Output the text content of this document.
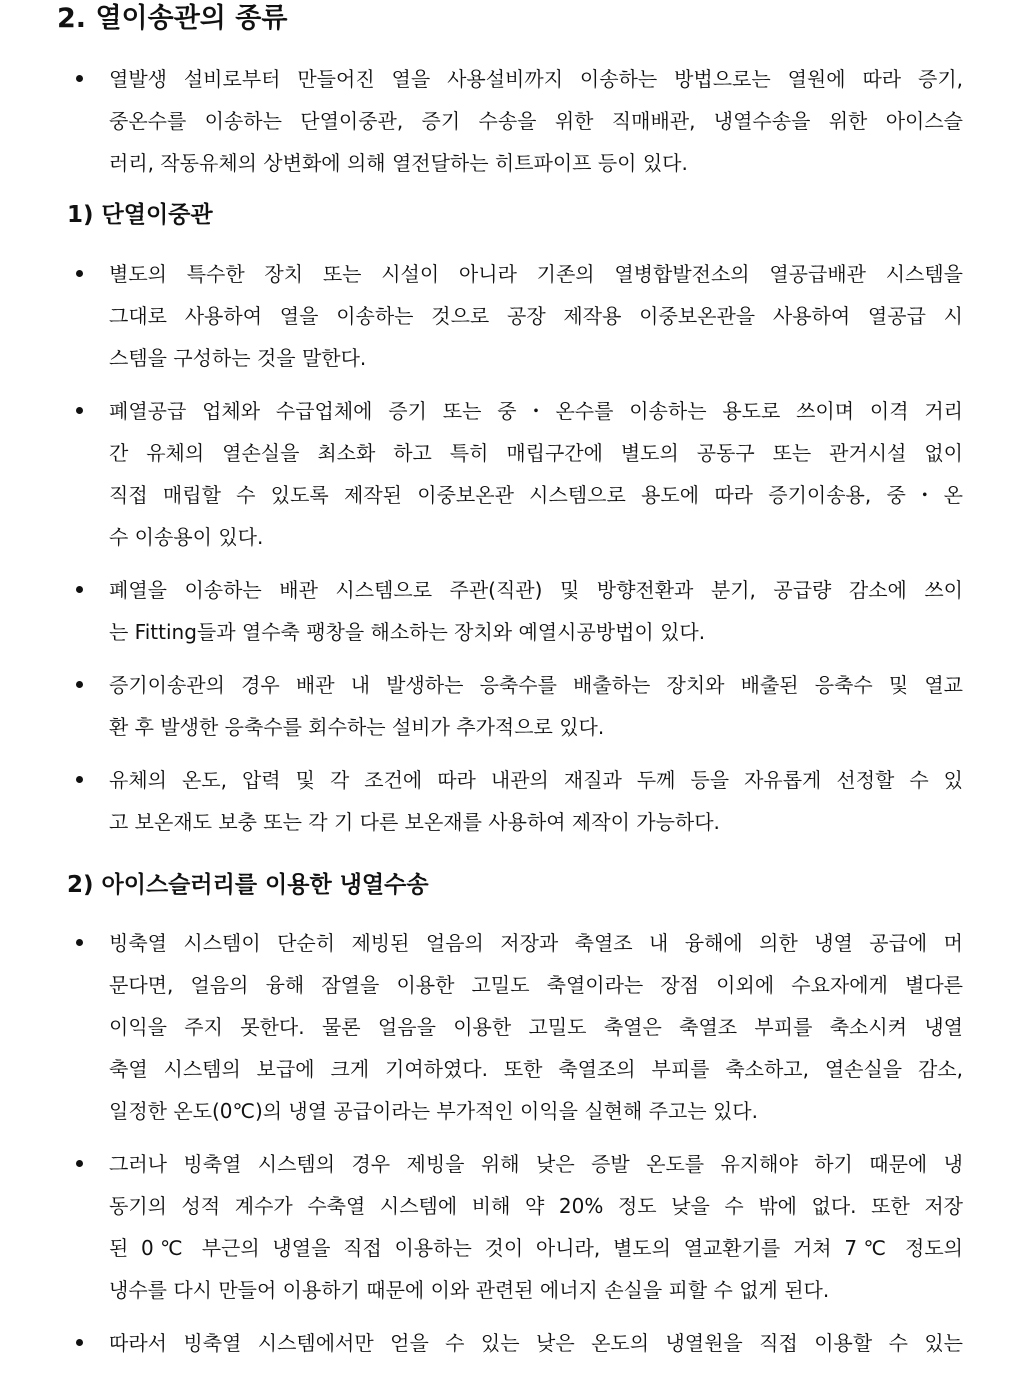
2. 열이송관의 종류
열발생 설비로부터 만들어진 열을 사용설비까지 이송하는 방법으로는 열원에 따라 증기,
중온수를 이송하는 단열이중관, 증기 수송을 위한 직매배관, 냉열수송을 위한 아이스슬
러리, 작동유체의 상변화에 의해 열전달하는 히트파이프 등이 있다.
1) 단열이중관
별도의 특수한 장치 또는 시설이 아니라 기존의 열병합발전소의 열공급배관 시스템을
그대로 사용하여 열을 이송하는 것으로 공장 제작용 이중보온관을 사용하여 열공급 시
스템을 구성하는 것을 말한다.
폐열공급 업체와 수급업체에 증기 또는 중・온수를 이송하는 용도로 쓰이며 이격 거리
간 유체의 열손실을 최소화 하고 특히 매립구간에 별도의 공동구 또는 관거시설 없이
직접 매립할 수 있도록 제작된 이중보온관 시스템으로 용도에 따라 증기이송용, 중・온
수 이송용이 있다.
폐열을 이송하는 배관 시스템으로 주관(직관) 및 방향전환과 분기, 공급량 감소에 쓰이
는 Fitting들과 열수축 팽창을 해소하는 장치와 예열시공방법이 있다.
증기이송관의 경우 배관 내 발생하는 응축수를 배출하는 장치와 배출된 응축수 및 열교
환 후 발생한 응축수를 회수하는 설비가 추가적으로 있다.
유체의 온도, 압력 및 각 조건에 따라 내관의 재질과 두께 등을 자유롭게 선정할 수 있
고 보온재도 보충 또는 각 기 다른 보온재를 사용하여 제작이 가능하다.
2) 아이스슬러리를 이용한 냉열수송
빙축열 시스템이 단순히 제빙된 얼음의 저장과 축열조 내 융해에 의한 냉열 공급에 머
문다면, 얼음의 융해 잠열을 이용한 고밀도 축열이라는 장점 이외에 수요자에게 별다른
이익을 주지 못한다. 물론 얼음을 이용한 고밀도 축열은 축열조 부피를 축소시켜 냉열
축열 시스템의 보급에 크게 기여하였다. 또한 축열조의 부피를 축소하고, 열손실을 감소,
일정한 온도(0℃)의 냉열 공급이라는 부가적인 이익을 실현해 주고는 있다.
그러나 빙축열 시스템의 경우 제빙을 위해 낮은 증발 온도를 유지해야 하기 때문에 냉
동기의 성적 계수가 수축열 시스템에 비해 약 20% 정도 낮을 수 밖에 없다. 또한 저장
된 0℃ 부근의 냉열을 직접 이용하는 것이 아니라, 별도의 열교환기를 거쳐 7℃ 정도의
냉수를 다시 만들어 이용하기 때문에 이와 관련된 에너지 손실을 피할 수 없게 된다.
따라서 빙축열 시스템에서만 얻을 수 있는 낮은 온도의 냉열원을 직접 이용할 수 있는
